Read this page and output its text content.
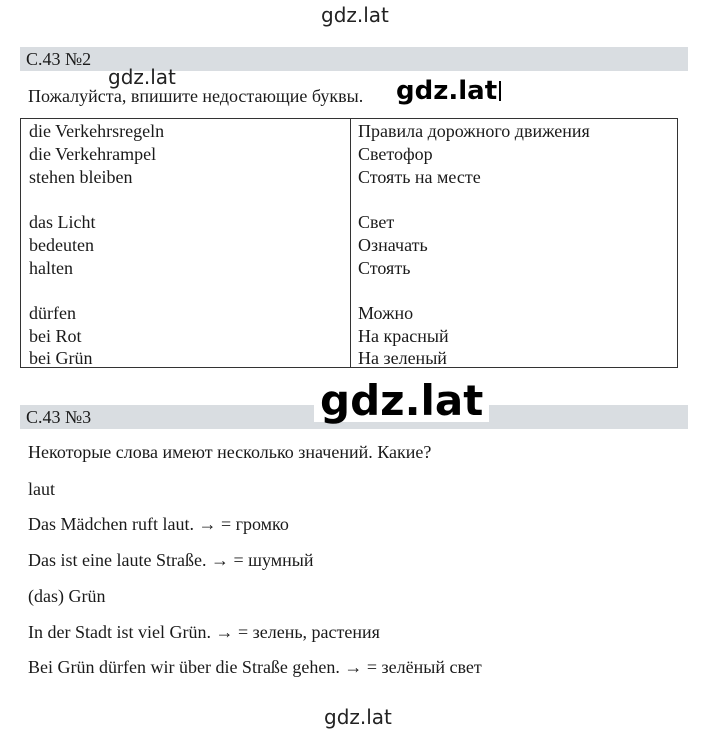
gdz.lat
С.43 №2
gdz.lat
Пожалуйста, впишите недостающие буквы. gdz.lat
die Verkehrsregeln	Правила дорожного движения
die Verkehrampel	Светофор
stehen bleiben	Стоять на месте
das Licht	Свет
bedeuten	Означать
halten	Стоять
dürfen	Можно
bei Rot	На красный
bei Grün	На зеленый
С.43 №3	gdz.lat
Некоторые слова имеют несколько значений. Какие?
laut
Das Mädchen ruft laut. → = громко
Das ist eine laute Straße. → = шумный
(das) Grün
In der Stadt ist viel Grün. → = зелень, растения
Bei Grün dürfen wir über die Straße gehen. → = зелёный свет
gdz.lat
